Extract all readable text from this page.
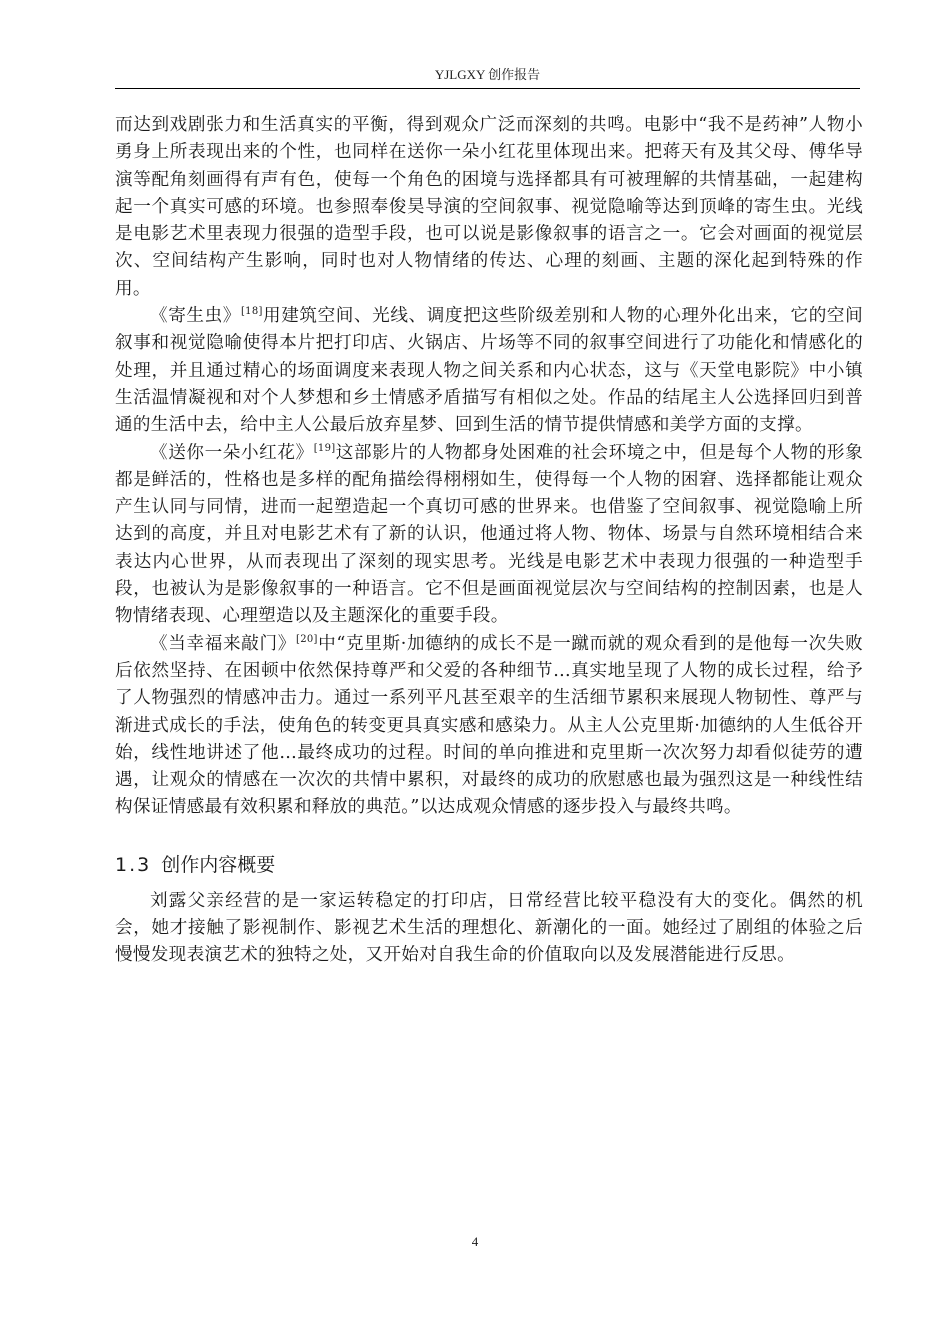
YJLGXY 创作报告

而达到戏剧张力和生活真实的平衡，得到观众广泛而深刻的共鸣。电影中“我不是药神”人物小勇身上所表现出来的个性，也同样在送你一朵小红花里体现出来。把蒋天有及其父母、傅华导演等配角刻画得有声有色，使每一个角色的困境与选择都具有可被理解的共情基础，一起建构起一个真实可感的环境。也参照奉俊昊导演的空间叙事、视觉隐喻等达到顶峰的寄生虫。光线是电影艺术里表现力很强的造型手段，也可以说是影像叙事的语言之一。它会对画面的视觉层次、空间结构产生影响，同时也对人物情绪的传达、心理的刻画、主题的深化起到特殊的作用。

《寄生虫》[18]用建筑空间、光线、调度把这些阶级差别和人物的心理外化出来，它的空间叙事和视觉隐喻使得本片把打印店、火锅店、片场等不同的叙事空间进行了功能化和情感化的处理，并且通过精心的场面调度来表现人物之间关系和内心状态，这与《天堂电影院》中小镇生活温情凝视和对个人梦想和乡土情感矛盾描写有相似之处。作品的结尾主人公选择回归到普通的生活中去，给中主人公最后放弃星梦、回到生活的情节提供情感和美学方面的支撑。

《送你一朵小红花》[19]这部影片的人物都身处困难的社会环境之中，但是每个人物的形象都是鲜活的，性格也是多样的配角描绘得栩栩如生，使得每一个人物的困窘、选择都能让观众产生认同与同情，进而一起塑造起一个真切可感的世界来。也借鉴了空间叙事、视觉隐喻上所达到的高度，并且对电影艺术有了新的认识，他通过将人物、物体、场景与自然环境相结合来表达内心世界，从而表现出了深刻的现实思考。光线是电影艺术中表现力很强的一种造型手段，也被认为是影像叙事的一种语言。它不但是画面视觉层次与空间结构的控制因素，也是人物情绪表现、心理塑造以及主题深化的重要手段。

《当幸福来敲门》[20]中“克里斯·加德纳的成长不是一蹴而就的观众看到的是他每一次失败后依然坚持、在困顿中依然保持尊严和父爱的各种细节...真实地呈现了人物的成长过程，给予了人物强烈的情感冲击力。通过一系列平凡甚至艰辛的生活细节累积来展现人物韧性、尊严与渐进式成长的手法，使角色的转变更具真实感和感染力。从主人公克里斯·加德纳的人生低谷开始，线性地讲述了他...最终成功的过程。时间的单向推进和克里斯一次次努力却看似徒劳的遭遇，让观众的情感在一次次的共情中累积，对最终的成功的欣慰感也最为强烈这是一种线性结构保证情感最有效积累和释放的典范。”以达成观众情感的逐步投入与最终共鸣。

1.3 创作内容概要

刘露父亲经营的是一家运转稳定的打印店，日常经营比较平稳没有大的变化。偶然的机会，她才接触了影视制作、影视艺术生活的理想化、新潮化的一面。她经过了剧组的体验之后慢慢发现表演艺术的独特之处，又开始对自我生命的价值取向以及发展潜能进行反思。

4
